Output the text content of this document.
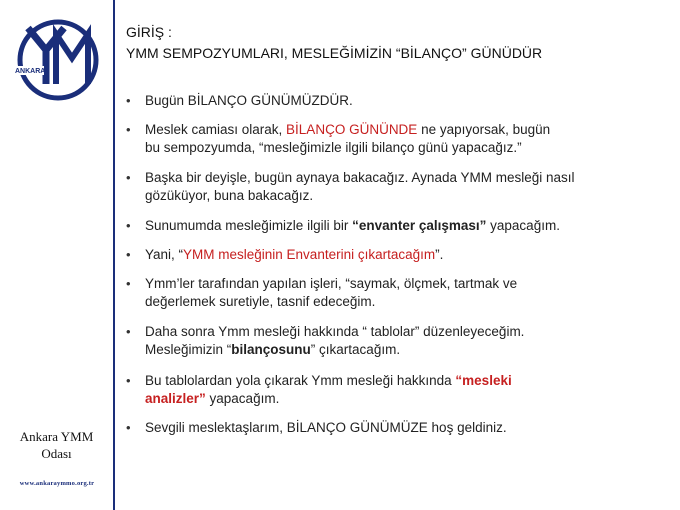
ANKARA
Ankara YMM
Odası
www.ankaraymmo.org.tr
GİRİŞ :
YMM SEMPOZYUMLARI, MESLEĞİMİZİN “BİLANÇO” GÜNÜDÜR
• Bugün BİLANÇO GÜNÜMÜZDÜR.
• Meslek camiası olarak, BİLANÇO GÜNÜNDE ne yapıyorsak, bugün
bu sempozyumda, “mesleğimizle ilgili bilanço günü yapacağız.”
• Başka bir deyişle, bugün aynaya bakacağız. Aynada YMM mesleği nasıl
gözüküyor, buna bakacağız.
• Sunumumda mesleğimizle ilgili bir “envanter çalışması” yapacağım.
• Yani, “YMM mesleğinin Envanterini çıkartacağım”.
• Ymm’ler tarafından yapılan işleri, “saymak, ölçmek, tartmak ve
değerlemek suretiyle, tasnif edeceğim.
• Daha sonra Ymm mesleği hakkında “ tablolar” düzenleyeceğim.
Mesleğimizin “bilançosunu” çıkartacağım.
• Bu tablolardan yola çıkarak Ymm mesleği hakkında “mesleki
analizler” yapacağım.
• Sevgili meslektaşlarım, BİLANÇO GÜNÜMÜZE hoş geldiniz.
